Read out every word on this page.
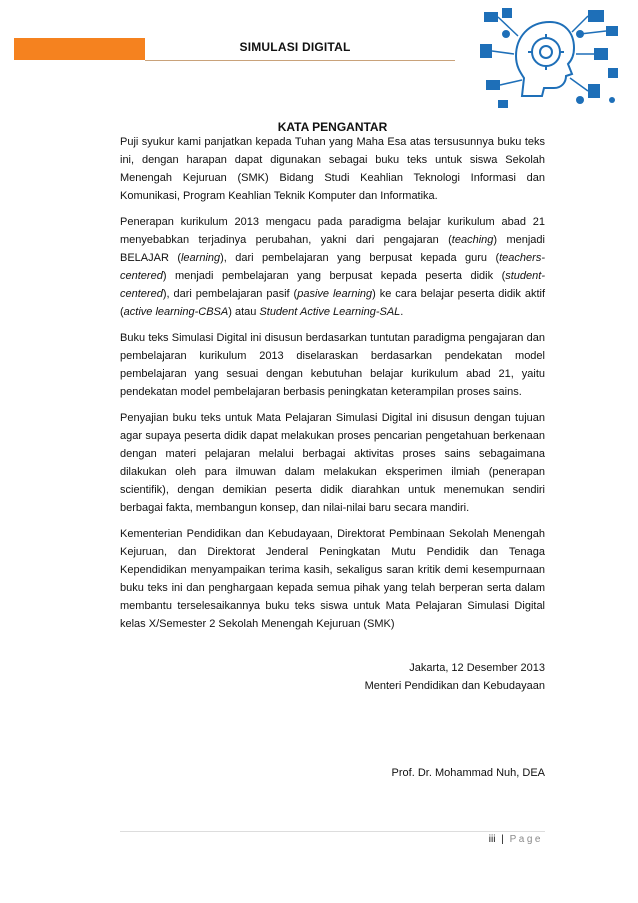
SIMULASI DIGITAL
KATA PENGANTAR

Puji syukur kami panjatkan kepada Tuhan yang Maha Esa atas tersusunnya buku teks ini, dengan harapan dapat digunakan sebagai buku teks untuk siswa Sekolah Menengah Kejuruan (SMK) Bidang Studi Keahlian Teknologi Informasi dan Komunikasi, Program Keahlian Teknik Komputer dan Informatika.

Penerapan kurikulum 2013 mengacu pada paradigma belajar kurikulum abad 21 menyebabkan terjadinya perubahan, yakni dari pengajaran (teaching) menjadi BELAJAR (learning), dari pembelajaran yang berpusat kepada guru (teachers-centered) menjadi pembelajaran yang berpusat kepada peserta didik (student-centered), dari pembelajaran pasif (pasive learning) ke cara belajar peserta didik aktif (active learning-CBSA) atau Student Active Learning-SAL.

Buku teks Simulasi Digital ini disusun berdasarkan tuntutan paradigma pengajaran dan pembelajaran kurikulum 2013 diselaraskan berdasarkan pendekatan model pembelajaran yang sesuai dengan kebutuhan belajar kurikulum abad 21, yaitu pendekatan model pembelajaran berbasis peningkatan keterampilan proses sains.

Penyajian buku teks untuk Mata Pelajaran Simulasi Digital ini disusun dengan tujuan agar supaya peserta didik dapat melakukan proses pencarian pengetahuan berkenaan dengan materi pelajaran melalui berbagai aktivitas proses sains sebagaimana dilakukan oleh para ilmuwan dalam melakukan eksperimen ilmiah (penerapan scientifik), dengan demikian peserta didik diarahkan untuk menemukan sendiri berbagai fakta, membangun konsep, dan nilai-nilai baru secara mandiri.

Kementerian Pendidikan dan Kebudayaan, Direktorat Pembinaan Sekolah Menengah Kejuruan, dan Direktorat Jenderal Peningkatan Mutu Pendidik dan Tenaga Kependidikan menyampaikan terima kasih, sekaligus saran kritik demi kesempurnaan buku teks ini dan penghargaan kepada semua pihak yang telah berperan serta dalam membantu terselesaikannya buku teks siswa untuk Mata Pelajaran Simulasi Digital kelas X/Semester 2 Sekolah Menengah Kejuruan (SMK)

Jakarta, 12 Desember 2013
Menteri Pendidikan dan Kebudayaan
Prof. Dr. Mohammad Nuh, DEA
iii | Page
